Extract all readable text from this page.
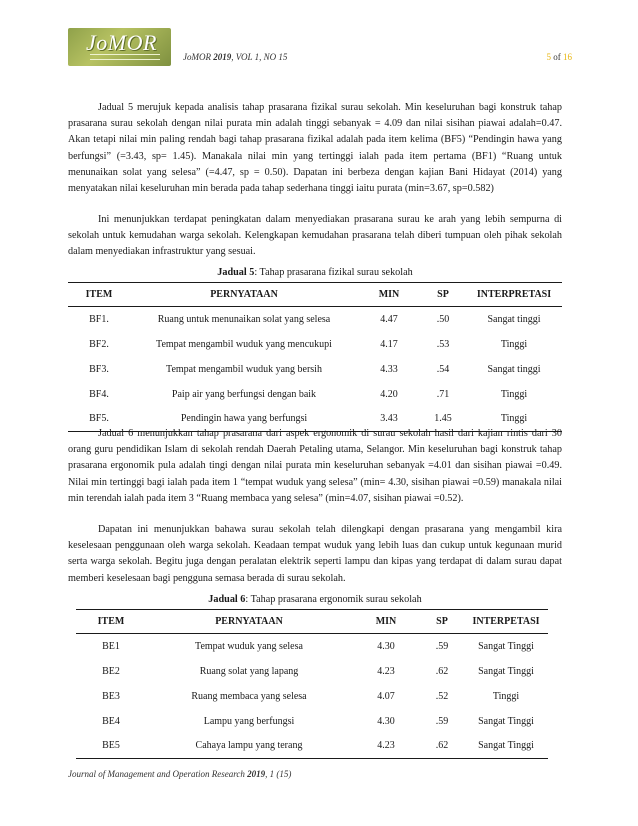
JoMOR
JoMOR 2019, VOL 1, NO 15	5 of 16

Jadual 5 merujuk kepada analisis tahap prasarana fizikal surau sekolah. Min keseluruhan bagi konstruk tahap prasarana surau sekolah dengan nilai purata min adalah tinggi sebanyak = 4.09 dan nilai sisihan piawai adalah=0.47. Akan tetapi nilai min paling rendah bagi tahap prasarana fizikal adalah pada item kelima (BF5) “Pendingin hawa yang berfungsi” (=3.43, sp= 1.45). Manakala nilai min yang tertinggi ialah pada item pertama (BF1) “Ruang untuk menunaikan solat yang selesa” (=4.47, sp = 0.50). Dapatan ini berbeza dengan kajian Bani Hidayat (2014) yang menyatakan nilai keseluruhan min berada pada tahap sederhana tinggi iaitu purata (min=3.67, sp=0.582)

Ini menunjukkan terdapat peningkatan dalam menyediakan prasarana surau ke arah yang lebih sempurna di sekolah untuk kemudahan warga sekolah. Kelengkapan kemudahan prasarana telah diberi tumpuan oleh pihak sekolah dalam menyediakan infrastruktur yang sesuai.

Jadual 5: Tahap prasarana fizikal surau sekolah
ITEM	PERNYATAAN	MIN	SP	INTERPRETASI
BF1.	Ruang untuk menunaikan solat yang selesa	4.47	.50	Sangat tinggi
BF2.	Tempat mengambil wuduk yang mencukupi	4.17	.53	Tinggi
BF3.	Tempat mengambil wuduk yang bersih	4.33	.54	Sangat tinggi
BF4.	Paip air yang berfungsi dengan baik	4.20	.71	Tinggi
BF5.	Pendingin hawa yang berfungsi	3.43	1.45	Tinggi

Jadual 6 menunjukkan tahap prasarana dari aspek ergonomik di surau sekolah hasil dari kajian rintis dari 30 orang guru pendidikan Islam di sekolah rendah Daerah Petaling utama, Selangor. Min keseluruhan bagi konstruk tahap prasarana ergonomik pula adalah tingi dengan nilai purata min keseluruhan sebanyak =4.01 dan sisihan piawai =0.49. Nilai min tertinggi bagi ialah pada item 1 “tempat wuduk yang selesa” (min= 4.30, sisihan piawai =0.59) manakala nilai min terendah ialah pada item 3 “Ruang membaca yang selesa” (min=4.07, sisihan piawai =0.52).

Dapatan ini menunjukkan bahawa surau sekolah telah dilengkapi dengan prasarana yang mengambil kira keselesaan penggunaan oleh warga sekolah. Keadaan tempat wuduk yang lebih luas dan cukup untuk kegunaan murid serta warga sekolah. Begitu juga dengan peralatan elektrik seperti lampu dan kipas yang terdapat di dalam surau dapat memberi keselesaan bagi pengguna semasa berada di surau sekolah.

Jadual 6: Tahap prasarana ergonomik surau sekolah
ITEM	PERNYATAAN	MIN	SP	INTERPETASI
BE1	Tempat wuduk yang selesa	4.30	.59	Sangat Tinggi
BE2	Ruang solat yang lapang	4.23	.62	Sangat Tinggi
BE3	Ruang membaca yang selesa	4.07	.52	Tinggi
BE4	Lampu yang berfungsi	4.30	.59	Sangat Tinggi
BE5	Cahaya lampu yang terang	4.23	.62	Sangat Tinggi
Journal of Management and Operation Research 2019, 1 (15)
